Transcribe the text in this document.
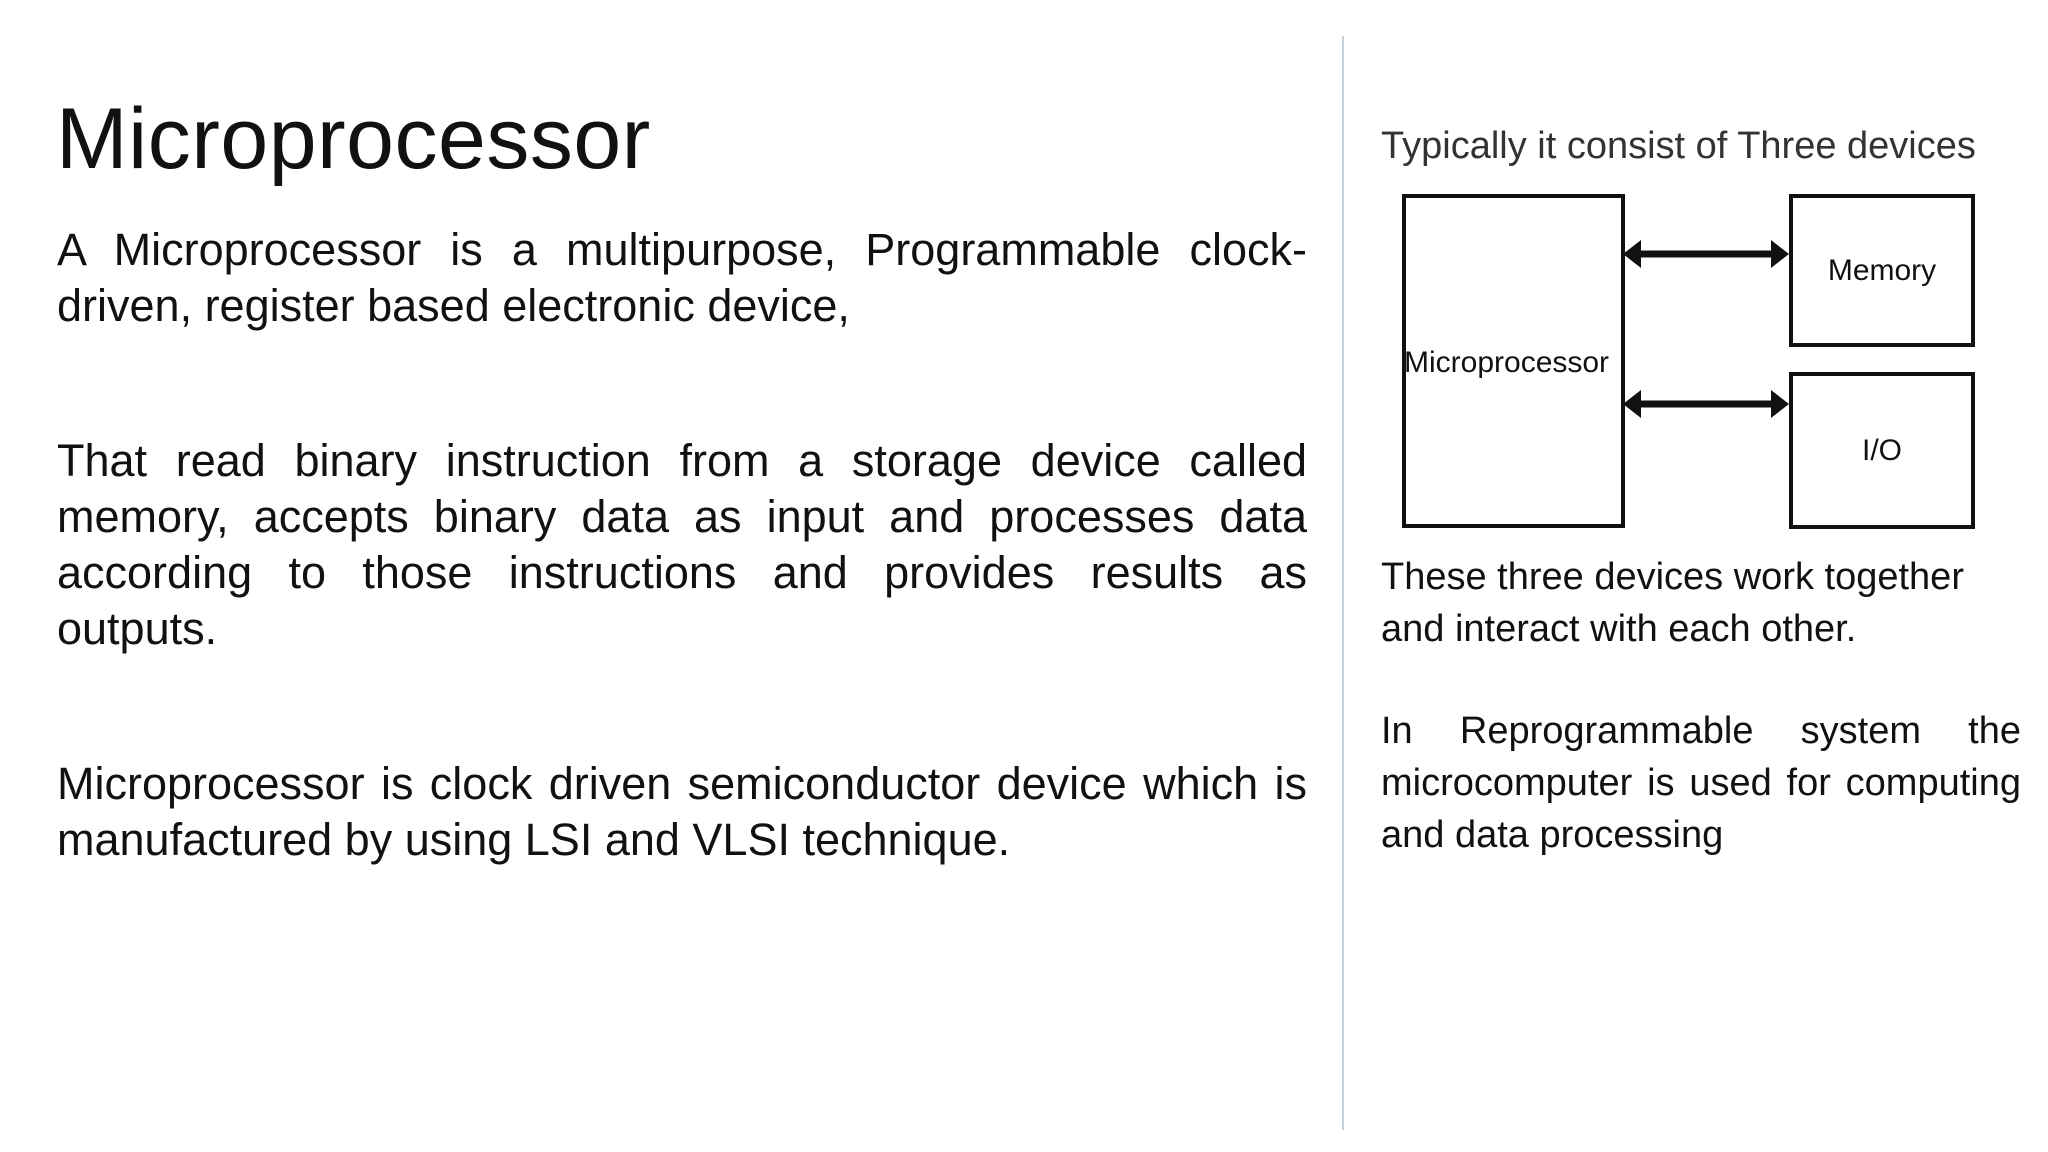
Microprocessor

A Microprocessor is a multipurpose, Programmable clock-driven, register based electronic device,

That read binary instruction from a storage device called memory, accepts binary data as input and processes data according to those instructions and provides results as outputs.

Microprocessor is clock driven semiconductor device which is manufactured by using LSI and VLSI technique.

Typically it consist of Three devices

Microprocessor
Memory
I/O

These three devices work together and interact with each other.

In Reprogrammable system the microcomputer is used for computing and data processing
